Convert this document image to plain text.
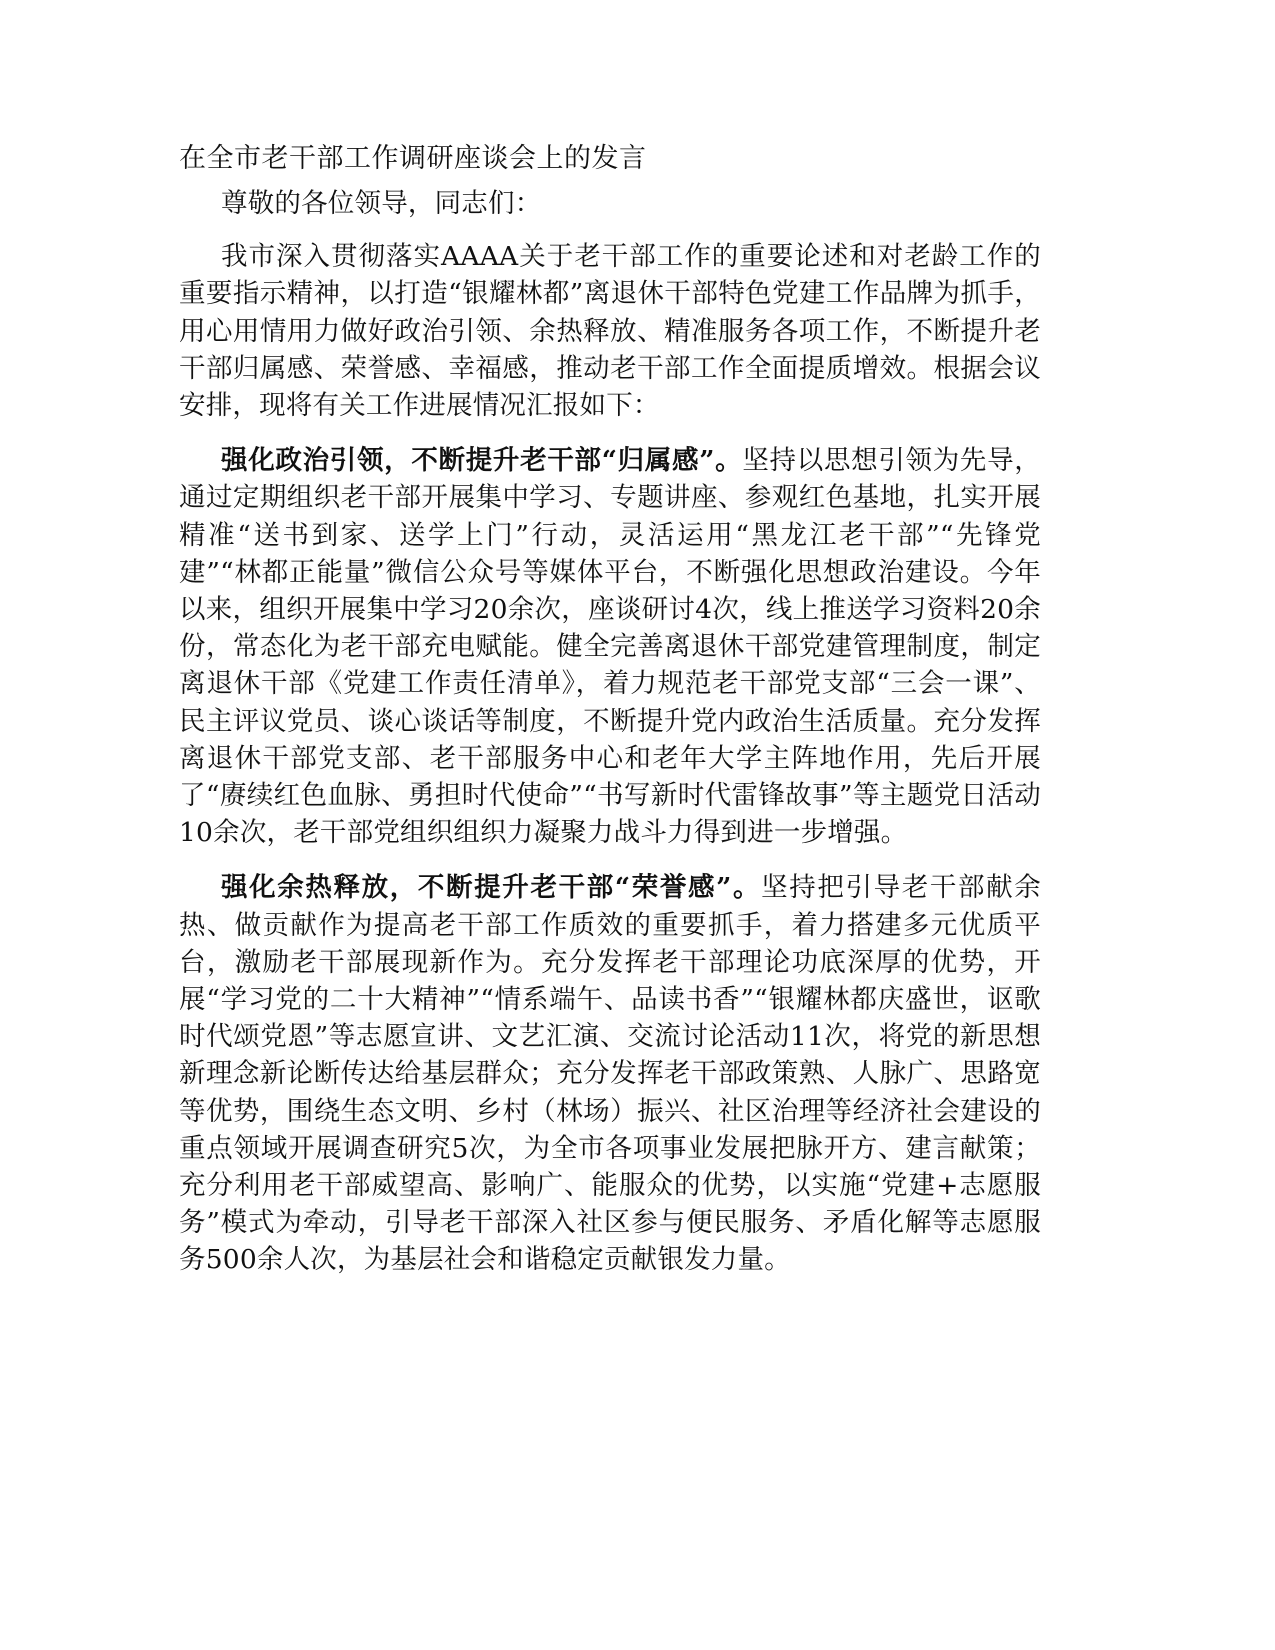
在全市老干部工作调研座谈会上的发言

尊敬的各位领导，同志们：

我市深入贯彻落实AAAA关于老干部工作的重要论述和对老龄工作的重要指示精神，以打造“银耀林都”离退休干部特色党建工作品牌为抓手，用心用情用力做好政治引领、余热释放、精准服务各项工作，不断提升老干部归属感、荣誉感、幸福感，推动老干部工作全面提质增效。根据会议安排，现将有关工作进展情况汇报如下：

强化政治引领，不断提升老干部“归属感”。坚持以思想引领为先导，通过定期组织老干部开展集中学习、专题讲座、参观红色基地，扎实开展精准“送书到家、送学上门”行动，灵活运用“黑龙江老干部”“先锋党建”“林都正能量”微信公众号等媒体平台，不断强化思想政治建设。今年以来，组织开展集中学习20余次，座谈研讨4次，线上推送学习资料20余份，常态化为老干部充电赋能。健全完善离退休干部党建管理制度，制定离退休干部《党建工作责任清单》，着力规范老干部党支部“三会一课”、民主评议党员、谈心谈话等制度，不断提升党内政治生活质量。充分发挥离退休干部党支部、老干部服务中心和老年大学主阵地作用，先后开展了“赓续红色血脉、勇担时代使命”“书写新时代雷锋故事”等主题党日活动10余次，老干部党组织组织力凝聚力战斗力得到进一步增强。

强化余热释放，不断提升老干部“荣誉感”。坚持把引导老干部献余热、做贡献作为提高老干部工作质效的重要抓手，着力搭建多元优质平台，激励老干部展现新作为。充分发挥老干部理论功底深厚的优势，开展“学习党的二十大精神”“情系端午、品读书香”“银耀林都庆盛世，讴歌时代颂党恩”等志愿宣讲、文艺汇演、交流讨论活动11次，将党的新思想新理念新论断传达给基层群众；充分发挥老干部政策熟、人脉广、思路宽等优势，围绕生态文明、乡村（林场）振兴、社区治理等经济社会建设的重点领域开展调查研究5次，为全市各项事业发展把脉开方、建言献策；充分利用老干部威望高、影响广、能服众的优势，以实施“党建+志愿服务”模式为牵动，引导老干部深入社区参与便民服务、矛盾化解等志愿服务500余人次，为基层社会和谐稳定贡献银发力量。
